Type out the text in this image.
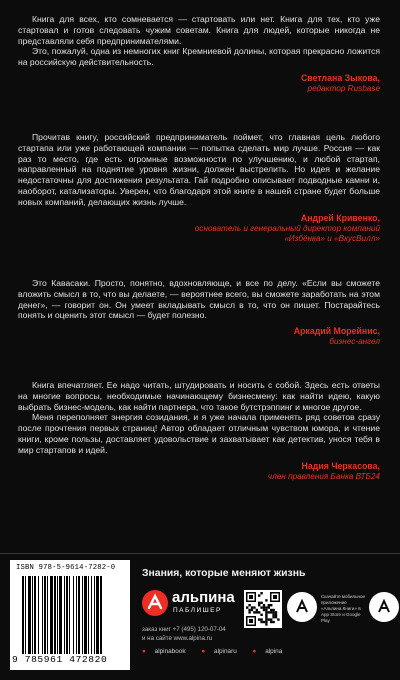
Книга для всех, кто сомневается — стартовать или нет. Книга для тех, кто уже стартовал и готов следовать чужим советам. Книга для людей, которые никогда не представляли себя предпринимателями.

Это, пожалуй, одна из немногих книг Кремниевой долины, которая прекрасно ложится на российскую действительность.

Светлана Зыкова,
редактор Rusbase

Прочитав книгу, российский предприниматель поймет, что главная цель любого стартапа или уже работающей компании — попытка сделать мир лучше. Россия — как раз то место, где есть огромные возможности по улучшению, и любой стартап, направленный на поднятие уровня жизни, должен выстрелить. Но идея и желание недостаточны для достижения результата. Гай подробно описывает подводные камни и, наоборот, катализаторы. Уверен, что благодаря этой книге в нашей стране будет больше новых компаний, делающих жизнь лучше.

Андрей Кривенко,
основатель и генеральный директор компаний «Избёнка» и «ВкусВилл»

Это Кавасаки. Просто, понятно, вдохновляюще, и все по делу. «Если вы сможете вложить смысл в то, что вы делаете, — вероятнее всего, вы сможете заработать на этом денег», — говорит он. Он умеет вкладывать смысл в то, что он пишет. Постарайтесь понять и оценить этот смысл — будет полезно.

Аркадий Морейнис,
бизнес-ангел

Книга впечатляет. Ее надо читать, штудировать и носить с собой. Здесь есть ответы на многие вопросы, необходимые начинающему бизнесмену: как найти идею, какую выбрать бизнес-модель, как найти партнера, что такое бутстрэппинг и многое другое.

Меня переполняет энергия созидания, и я уже начала применять ряд советов сразу после прочтения первых страниц! Автор обладает отличным чувством юмора, и чтение книги, кроме пользы, доставляет удовольствие и захватывает как детектив, унося тебя в мир стартапов и идей.

Надия Черкасова,
член правления Банка ВТБ24
ISBN 978-5-9614-7282-0
9 785961 472820
Знания, которые меняют жизнь
альпина
ПАБЛИШЕР
Скачайте мобильное приложение «Альпина.Книги» в App Store и Google Play
заказ книг +7 (495) 120-07-04
и на сайте www.alpina.ru
● alpinabook ● alpinaru ● alpina
